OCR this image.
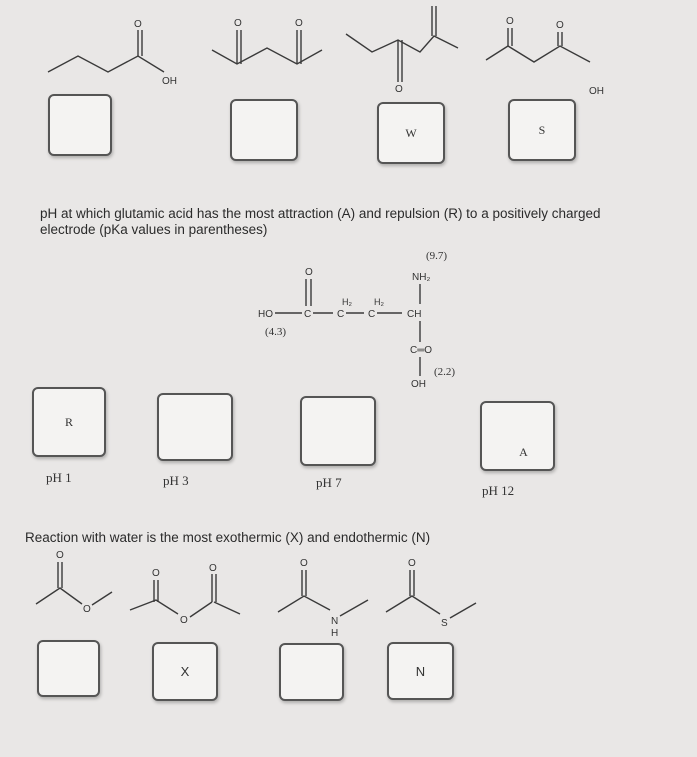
O
OH
O	O
O
O	O
OH
W	S
pH at which glutamic acid has the most attraction (A) and repulsion (R) to a positively charged
electrode (pKa values in parentheses)
(9.7)
NH₂
O
HO	C
H₂
C
H₂
C	CH
(4.3)
C═O
(2.2)
OH
R
A
pH 1	pH 3	pH 7
pH 12
Reaction with water is the most exothermic (X) and endothermic (N)
O
O
O
O
O	O
N
H
O
S
X	N
